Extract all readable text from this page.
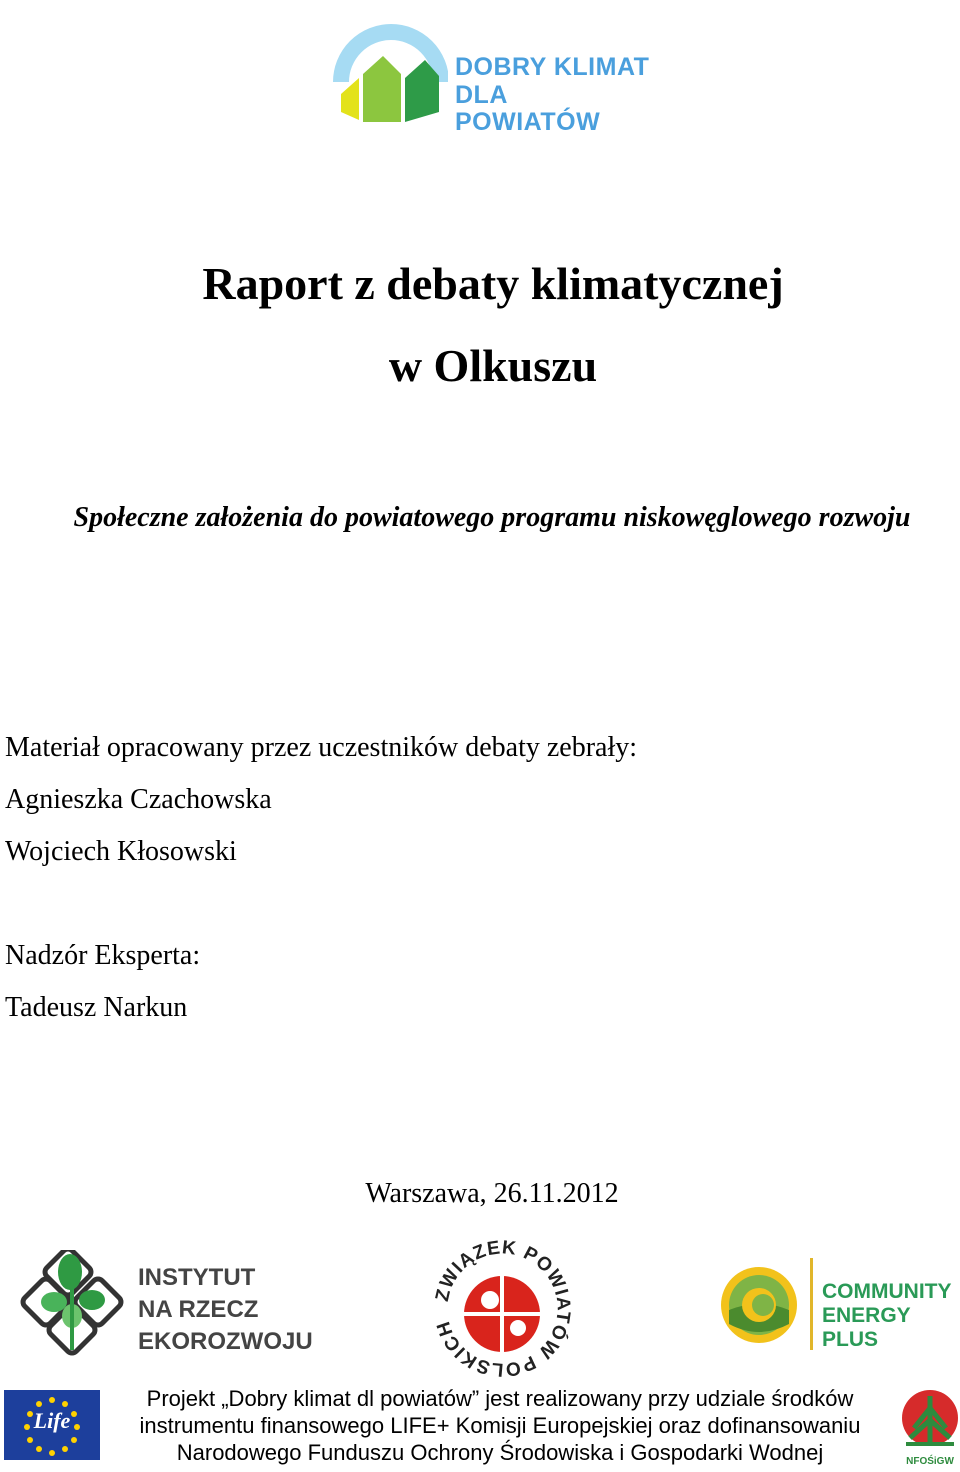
DOBRY KLIMAT
DLA POWIATÓW
Raport z debaty klimatycznej
w Olkuszu
Społeczne założenia do powiatowego programu niskowęglowego rozwoju
Materiał opracowany przez uczestników debaty zebrały:
Agnieszka Czachowska
Wojciech Kłosowski
Nadzór Eksperta:
Tadeusz Narkun
Warszawa, 26.11.2012
INSTYTUT
NA RZECZ
EKOROZWOJU
ZWIĄZEK POWIATÓW POLSKICH
COMMUNITY
ENERGY PLUS
Life
Projekt „Dobry klimat dl powiatów” jest realizowany przy udziale środków
instrumentu finansowego LIFE+ Komisji Europejskiej oraz dofinansowaniu
Narodowego Funduszu Ochrony Środowiska i Gospodarki Wodnej	NFOŚiGW
